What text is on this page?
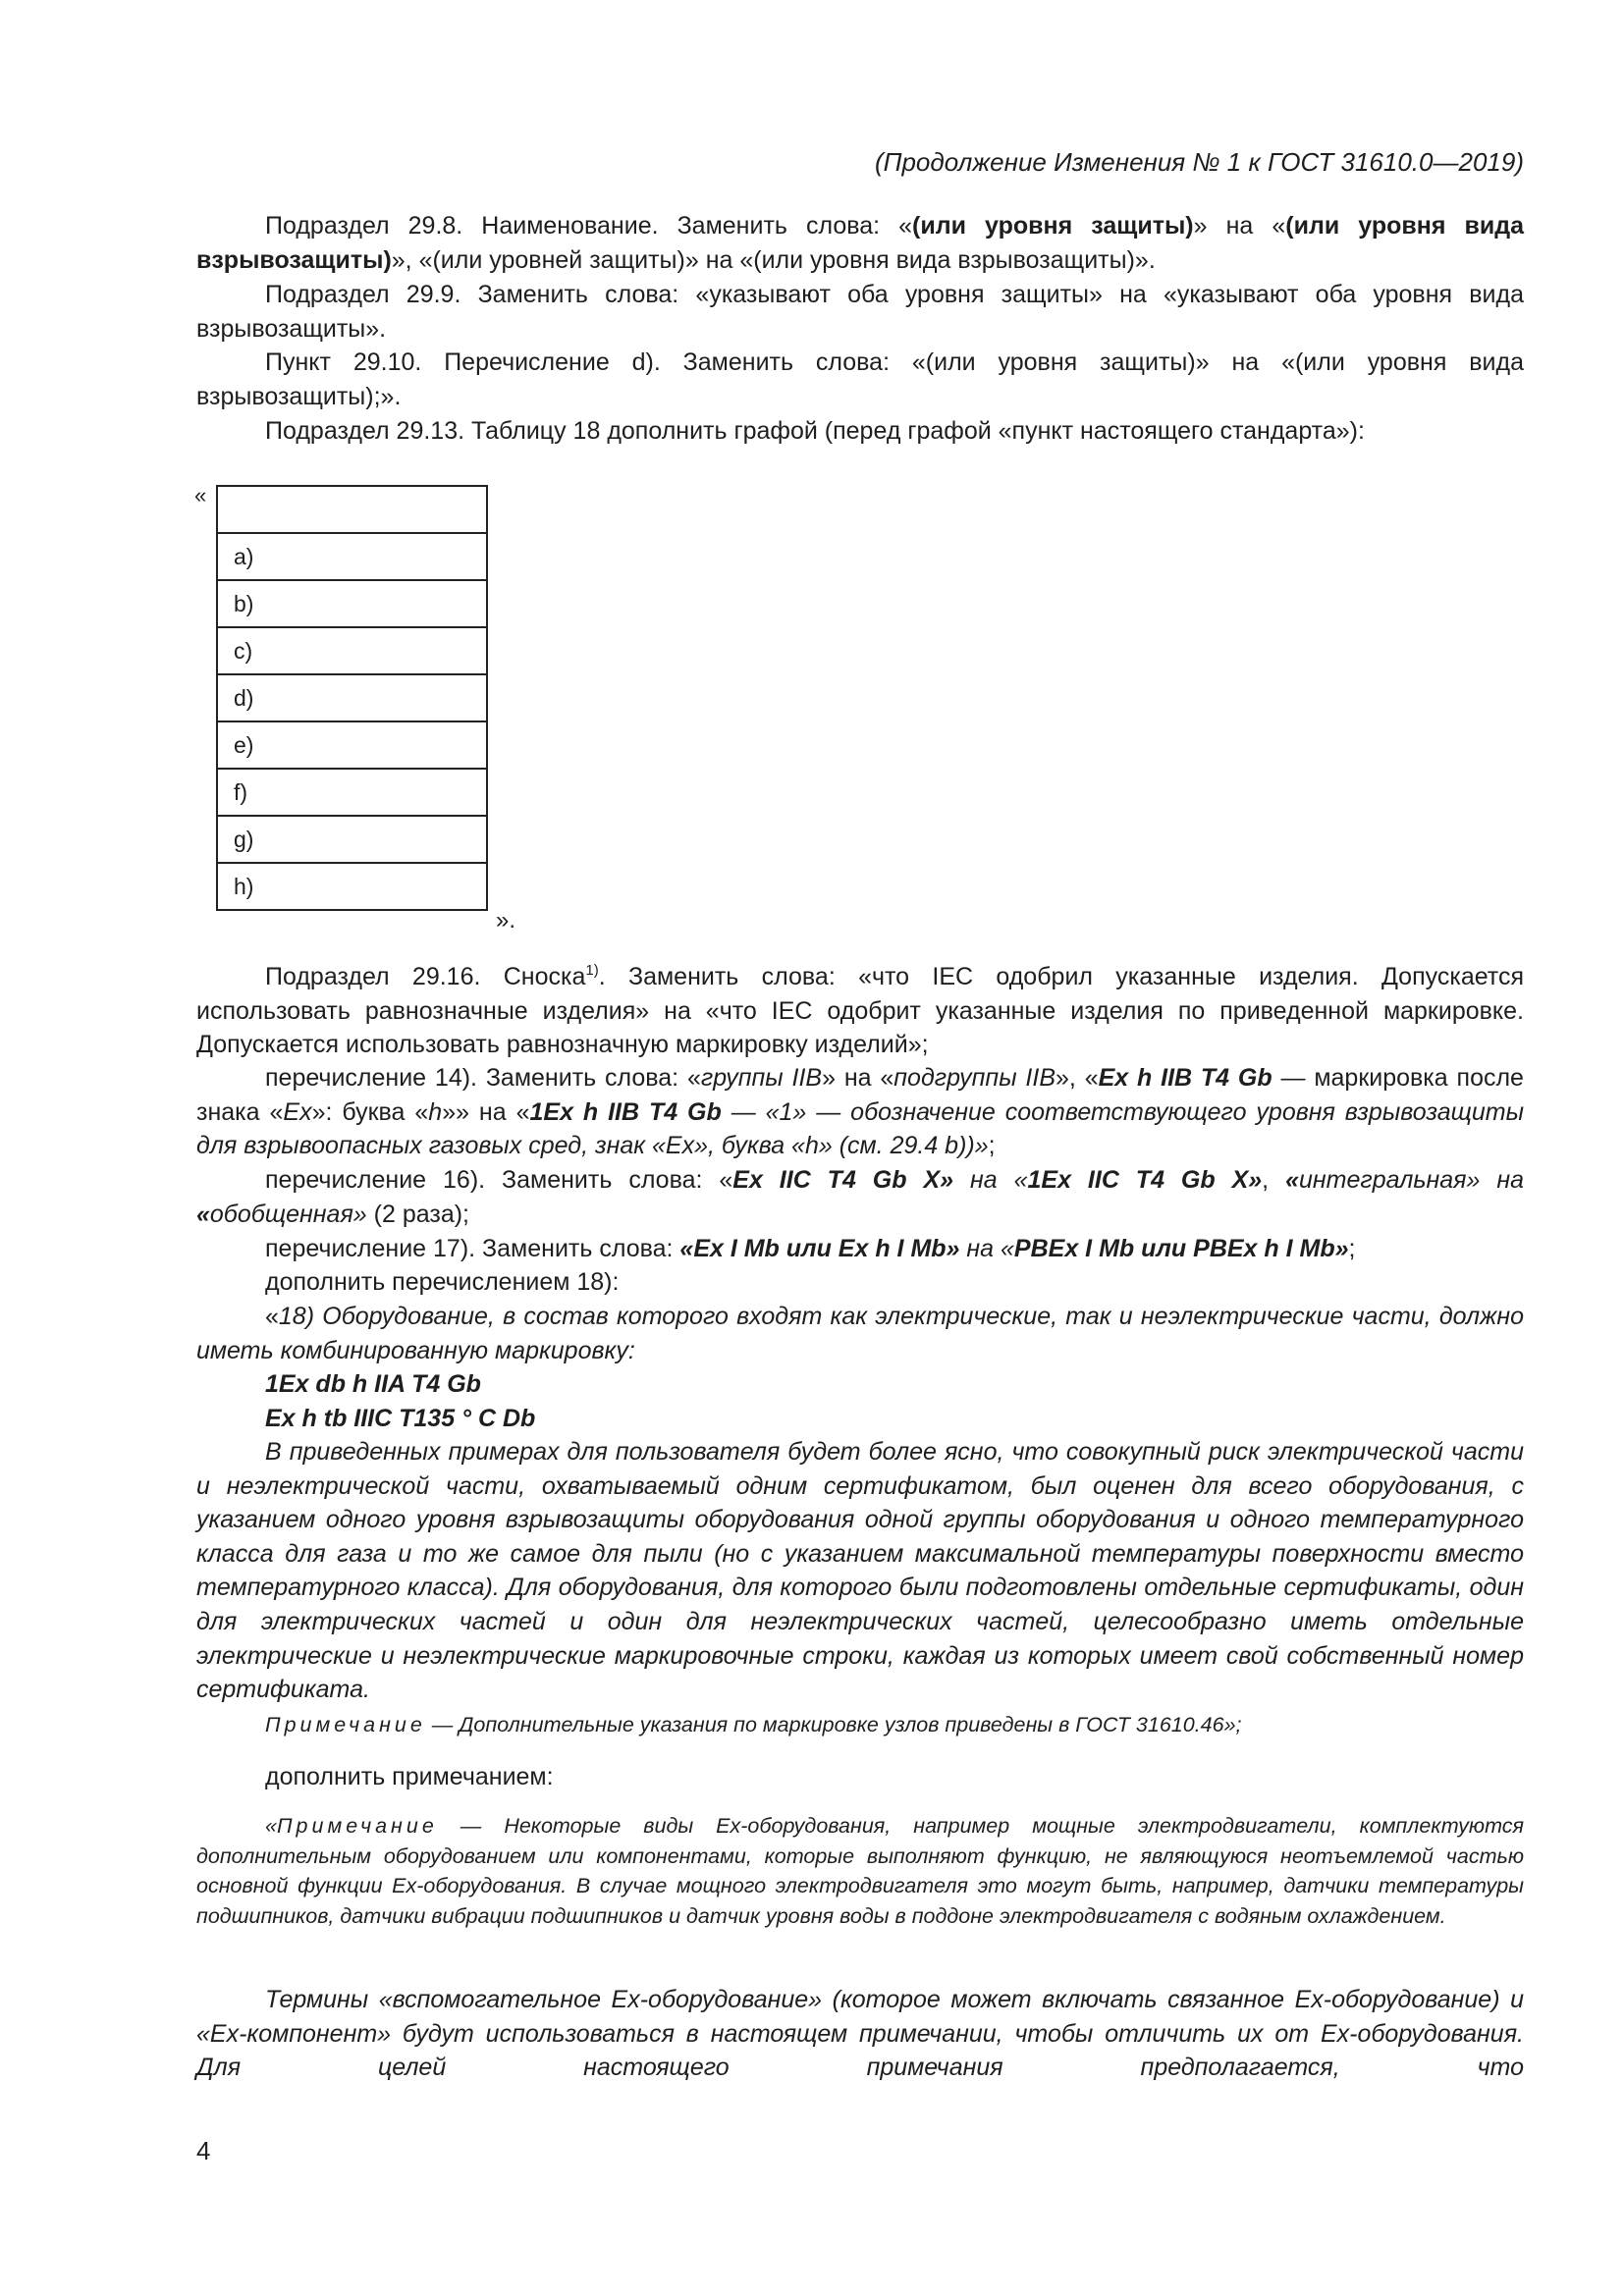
(Продолжение Изменения № 1 к ГОСТ 31610.0—2019)

Подраздел 29.8. Наименование. Заменить слова: «(или уровня защиты)» на «(или уровня вида взрывозащиты)», «(или уровней защиты)» на «(или уровня вида взрывозащиты)».

Подраздел 29.9. Заменить слова: «указывают оба уровня защиты» на «указывают оба уровня вида взрывозащиты».

Пункт 29.10. Перечисление d). Заменить слова: «(или уровня защиты)» на «(или уровня вида взрывозащиты);».

Подраздел 29.13. Таблицу 18 дополнить графой (перед графой «пункт настоящего стандарта»):

«

a)
b)
c)
d)
e)
f)
g)
h)
».

Подраздел 29.16. Сноска$^{1)}$. Заменить слова: «что IEC одобрил указанные изделия. Допускается использовать равнозначные изделия» на «что IEC одобрит указанные изделия по приведенной маркировке. Допускается использовать равнозначную маркировку изделий»;

перечисление 14). Заменить слова: «группы IIB» на «подгруппы IIB», «Ex h IIB T4 Gb — маркировка после знака «Ex»: буква «h»» на «1Ex h IIB T4 Gb — «1» — обозначение соответствующего уровня взрывозащиты для взрывоопасных газовых сред, знак «Ex», буква «h» (см. 29.4 b))»;

перечисление 16). Заменить слова: «Ex IIC T4 Gb X» на «1Ex IIC T4 Gb X», «интегральная» на «обобщенная» (2 раза);

перечисление 17). Заменить слова: «Ex I Mb или Ex h I Mb» на «PBEx I Mb или PBEx h I Mb»;

дополнить перечислением 18):

«18) Оборудование, в состав которого входят как электрические, так и неэлектрические части, должно иметь комбинированную маркировку:

1Ex db h IIA T4 Gb
Ex h tb IIIC T135 ° C Db

В приведенных примерах для пользователя будет более ясно, что совокупный риск электрической части и неэлектрической части, охватываемый одним сертификатом, был оценен для всего оборудования, с указанием одного уровня взрывозащиты оборудования одной группы оборудования и одного температурного класса для газа и то же самое для пыли (но с указанием максимальной температуры поверхности вместо температурного класса). Для оборудования, для которого были подготовлены отдельные сертификаты, один для электрических частей и один для неэлектрических частей, целесообразно иметь отдельные электрические и неэлектрические маркировочные строки, каждая из которых имеет свой собственный номер сертификата.

Примечание — Дополнительные указания по маркировке узлов приведены в ГОСТ 31610.46»;

дополнить примечанием:

«Примечание — Некоторые виды Ex-оборудования, например мощные электродвигатели, комплектуются дополнительным оборудованием или компонентами, которые выполняют функцию, не являющуюся неотъемлемой частью основной функции Ex-оборудования. В случае мощного электродвигателя это могут быть, например, датчики температуры подшипников, датчики вибрации подшипников и датчик уровня воды в поддоне электродвигателя с водяным охлаждением.

Термины «вспомогательное Ex-оборудование» (которое может включать связанное Ex-оборудование) и «Ex-компонент» будут использоваться в настоящем примечании, чтобы отличить их от Ex-оборудования. Для целей настоящего примечания предполагается, что

4
